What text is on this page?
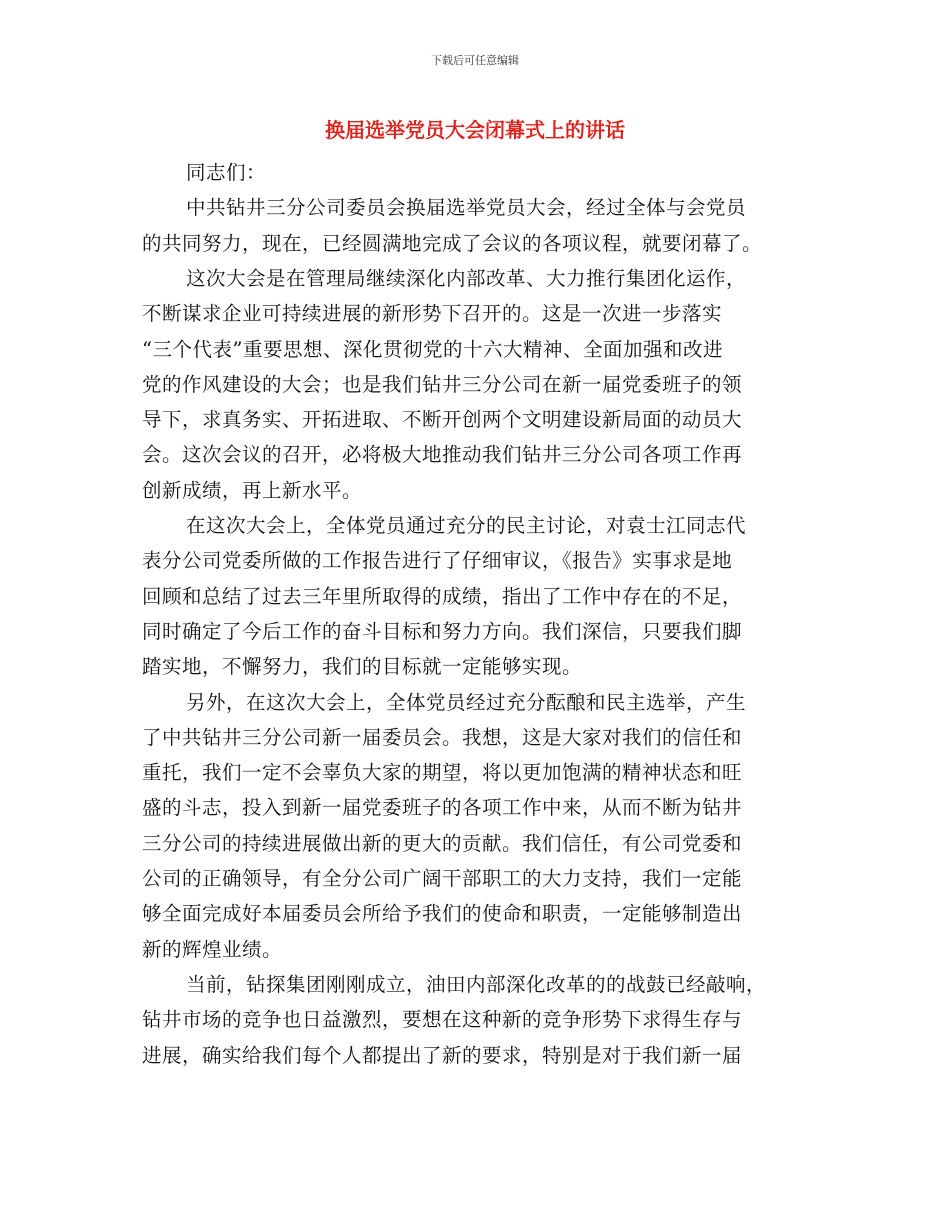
下载后可任意编辑
换届选举党员大会闭幕式上的讲话
同志们：
中共钻井三分公司委员会换届选举党员大会，经过全体与会党员
的共同努力，现在，已经圆满地完成了会议的各项议程，就要闭幕了。
这次大会是在管理局继续深化内部改革、大力推行集团化运作，
不断谋求企业可持续进展的新形势下召开的。这是一次进一步落实
“三个代表”重要思想、深化贯彻党的十六大精神、全面加强和改进
党的作风建设的大会；也是我们钻井三分公司在新一届党委班子的领
导下，求真务实、开拓进取、不断开创两个文明建设新局面的动员大
会。这次会议的召开，必将极大地推动我们钻井三分公司各项工作再
创新成绩，再上新水平。
在这次大会上，全体党员通过充分的民主讨论，对袁士江同志代
表分公司党委所做的工作报告进行了仔细审议，《报告》实事求是地
回顾和总结了过去三年里所取得的成绩，指出了工作中存在的不足，
同时确定了今后工作的奋斗目标和努力方向。我们深信，只要我们脚
踏实地，不懈努力，我们的目标就一定能够实现。
另外，在这次大会上，全体党员经过充分酝酿和民主选举，产生
了中共钻井三分公司新一届委员会。我想，这是大家对我们的信任和
重托，我们一定不会辜负大家的期望，将以更加饱满的精神状态和旺
盛的斗志，投入到新一届党委班子的各项工作中来，从而不断为钻井
三分公司的持续进展做出新的更大的贡献。我们信任，有公司党委和
公司的正确领导，有全分公司广阔干部职工的大力支持，我们一定能
够全面完成好本届委员会所给予我们的使命和职责，一定能够制造出
新的辉煌业绩。
当前，钻探集团刚刚成立，油田内部深化改革的的战鼓已经敲响，
钻井市场的竞争也日益激烈，要想在这种新的竞争形势下求得生存与
进展，确实给我们每个人都提出了新的要求，特别是对于我们新一届
